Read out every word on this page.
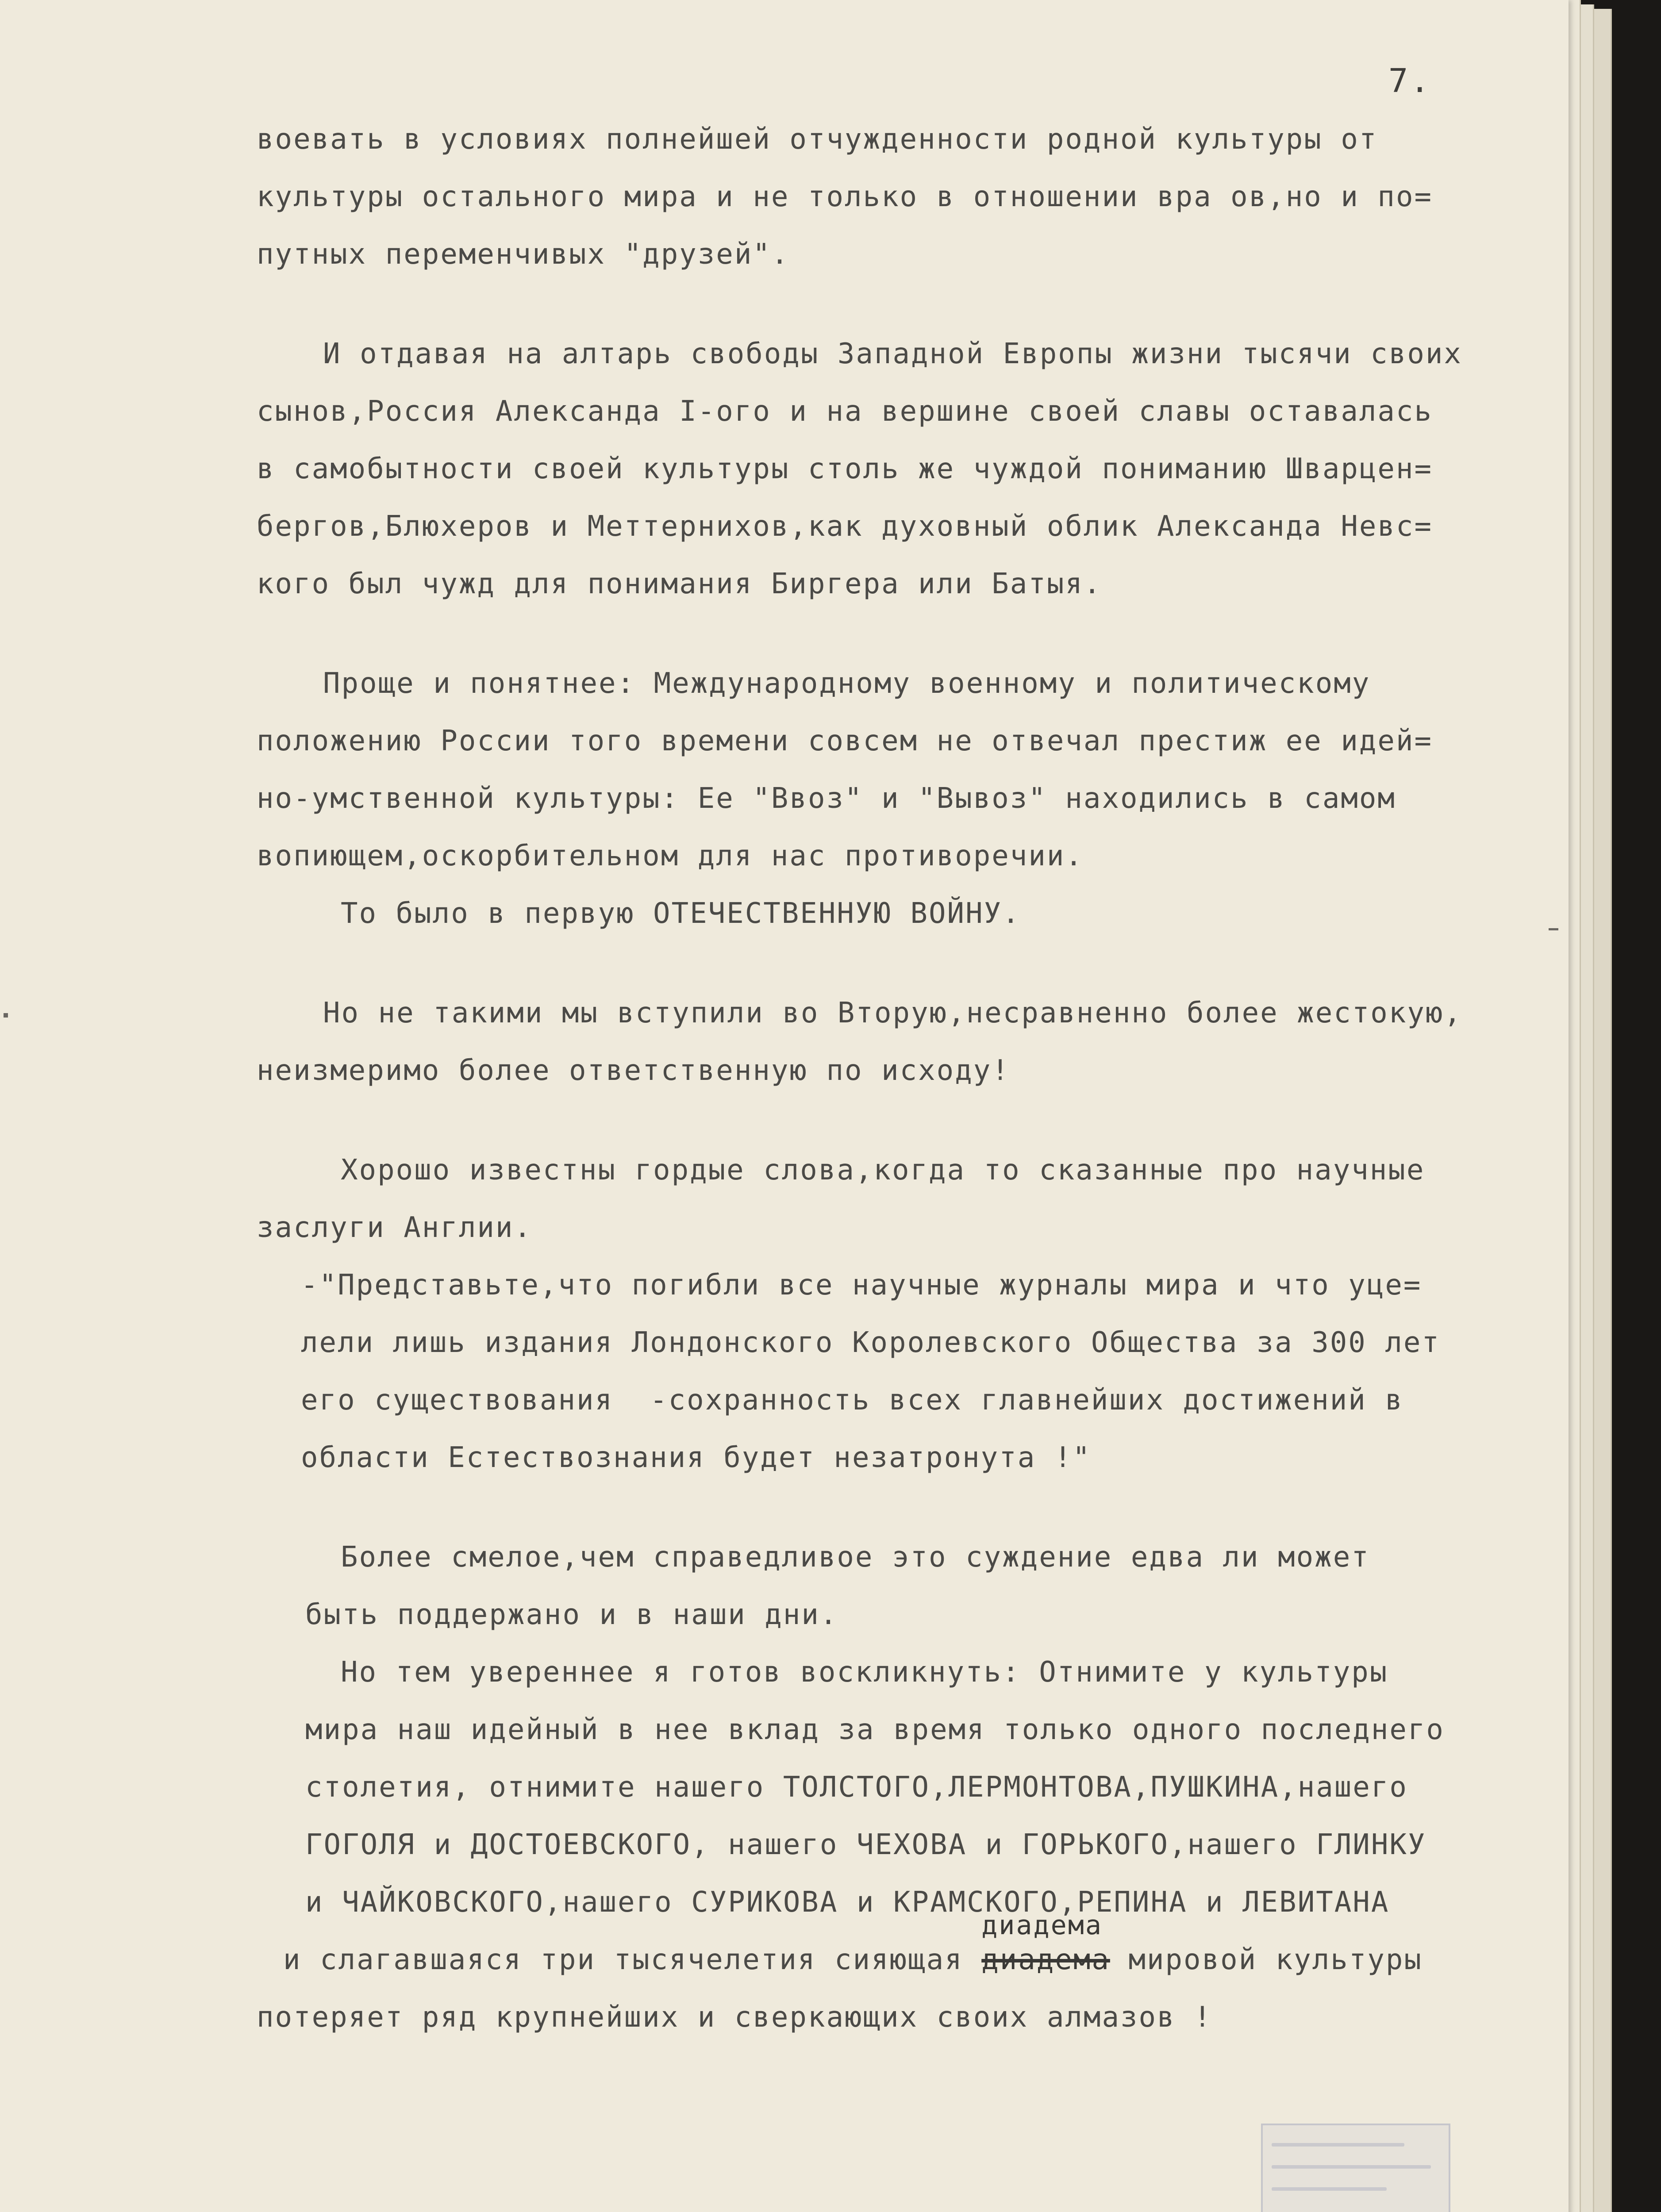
7.
воевать в условиях полнейшей отчужденности родной культуры от
культуры остального мира и не только в отношении вра ов,но и по=
путных переменчивых "друзей".
И отдавая на алтарь свободы Западной Европы жизни тысячи своих
сынов,Россия Александа I-ого и на вершине своей славы оставалась
в самобытности своей культуры столь же чуждой пониманию Шварцен=
бергов,Блюхеров и Меттернихов,как духовный облик Александа Невс=
кого был чужд для понимания Биргера или Батыя.
Проще и понятнее: Международному военному и политическому
положению России того времени совсем не отвечал престиж ее идей=
но-умственной культуры: Ее "Ввоз" и "Вывоз" находились в самом
вопиющем,оскорбительном для нас противоречии.
То было в первую ОТЕЧЕСТВЕННУЮ ВОЙНУ.
Но не такими мы вступили во Вторую,несравненно более жестокую,
неизмеримо более ответственную по исходу!
Хорошо известны гордые слова,когда то сказанные про научные
заслуги Англии.
-"Представьте,что погибли все научные журналы мира и что уце=
лели лишь издания Лондонского Королевского Общества за 300 лет
его существования  -сохранность всех главнейших достижений в
области Естествознания будет незатронута !"
Более смелое,чем справедливое это суждение едва ли может
быть поддержано и в наши дни.
Но тем увереннее я готов воскликнуть: Отнимите у культуры
мира наш идейный в нее вклад за время только одного последнего
столетия, отнимите нашего ТОЛСТОГО,ЛЕРМОНТОВА,ПУШКИНА,нашего
ГОГОЛЯ и ДОСТОЕВСКОГО, нашего ЧЕХОВА и ГОРЬКОГО,нашего ГЛИНКУ
и ЧАЙКОВСКОГО,нашего СУРИКОВА и КРАМСКОГО,РЕПИНА и ЛЕВИТАНА
и слагавшаяся три тысячелетия сияющая диадема
диадема
мировой культуры
потеряет ряд крупнейших и сверкающих своих алмазов !
